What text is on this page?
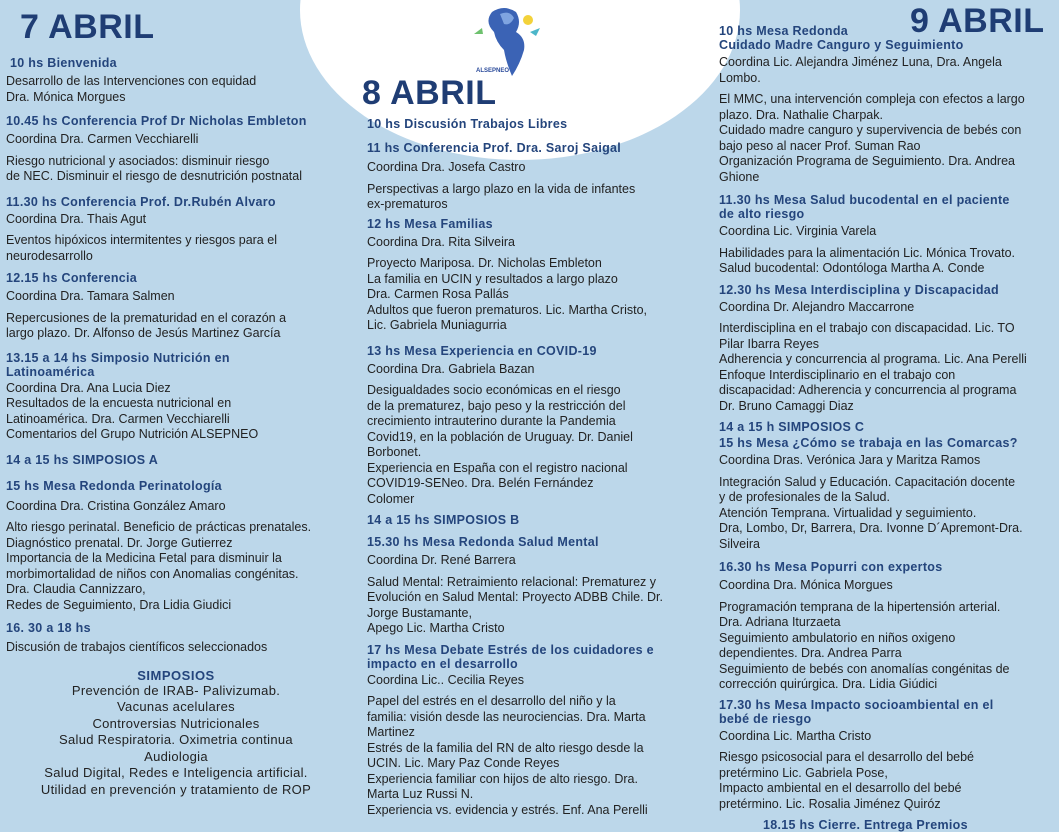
ALSEPNEO
7 ABRIL
10 hs Bienvenida
Desarrollo de las Intervenciones con equidad
Dra. Mónica Morgues
10.45 hs Conferencia Prof Dr Nicholas Embleton
Coordina Dra. Carmen Vecchiarelli
Riesgo nutricional y asociados: disminuir riesgo
de NEC. Disminuir el riesgo de desnutrición postnatal
11.30 hs Conferencia Prof. Dr.Rubén Alvaro
Coordina Dra. Thais Agut
Eventos hipóxicos intermitentes y riesgos para el
neurodesarrollo
12.15 hs Conferencia
Coordina Dra. Tamara Salmen
Repercusiones de la prematuridad en el corazón a
largo plazo. Dr. Alfonso de Jesús Martinez García
13.15 a 14 hs Simposio Nutrición en
Latinoamérica
Coordina Dra. Ana Lucia Diez
Resultados de la encuesta nutricional en
Latinoamérica. Dra. Carmen Vecchiarelli
Comentarios del Grupo Nutrición ALSEPNEO
14 a 15 hs SIMPOSIOS A
15 hs Mesa Redonda Perinatología
Coordina Dra. Cristina González Amaro
Alto riesgo perinatal. Beneficio de prácticas prenatales.
Diagnóstico prenatal. Dr. Jorge Gutierrez
Importancia de la Medicina Fetal para disminuir la
morbimortalidad de niños con Anomalias congénitas.
Dra. Claudia Cannizzaro,
Redes de Seguimiento, Dra Lidia Giudici
16. 30 a 18 hs
Discusión de trabajos científicos seleccionados
SIMPOSIOS
Prevención de IRAB- Palivizumab.
Vacunas acelulares
Controversias Nutricionales
Salud Respiratoria. Oximetria continua
Audiologia
Salud Digital, Redes e Inteligencia artificial.
Utilidad en prevención y tratamiento de ROP
8 ABRIL
10 hs Discusión Trabajos Libres
11 hs Conferencia Prof. Dra. Saroj Saigal
Coordina Dra. Josefa Castro
Perspectivas a largo plazo en la vida de infantes
ex-prematuros
12 hs Mesa Familias
Coordina Dra. Rita Silveira
Proyecto Mariposa. Dr. Nicholas Embleton
La familia en UCIN y resultados a largo plazo
Dra. Carmen Rosa Pallás
Adultos que fueron prematuros. Lic. Martha Cristo,
Lic. Gabriela Muniagurria
13 hs Mesa Experiencia en COVID-19
Coordina Dra. Gabriela Bazan
Desigualdades socio económicas en el riesgo
de la prematurez, bajo peso y la restricción del
crecimiento intrauterino durante la Pandemia
Covid19, en la población de Uruguay. Dr. Daniel
Borbonet.
Experiencia en España con el registro nacional
COVID19-SENeo. Dra. Belén Fernández
Colomer
14 a 15 hs SIMPOSIOS B
15.30 hs Mesa Redonda Salud Mental
Coordina Dr. René Barrera
Salud Mental: Retraimiento relacional: Prematurez y
Evolución en Salud Mental: Proyecto ADBB Chile. Dr.
Jorge Bustamante,
Apego Lic. Martha Cristo
17 hs Mesa Debate Estrés de los cuidadores e
impacto en el desarrollo
Coordina Lic.. Cecilia Reyes
Papel del estrés en el desarrollo del niño y la
familia: visión desde las neurociencias. Dra. Marta
Martinez
Estrés de la familia del RN de alto riesgo desde la
UCIN. Lic. Mary Paz Conde Reyes
Experiencia familiar con hijos de alto riesgo. Dra.
Marta Luz Russi N.
Experiencia vs. evidencia y estrés. Enf. Ana Perelli
9 ABRIL
10 hs Mesa Redonda
Cuidado Madre Canguro y Seguimiento
Coordina Lic. Alejandra Jiménez Luna, Dra. Angela
Lombo.
El MMC, una intervención compleja con efectos a largo
plazo. Dra. Nathalie Charpak.
Cuidado madre canguro y supervivencia de bebés con
bajo peso al nacer Prof. Suman Rao
Organización Programa de Seguimiento. Dra. Andrea
Ghione
11.30 hs Mesa Salud bucodental en el paciente
de alto riesgo
Coordina Lic. Virginia Varela
Habilidades para la alimentación Lic. Mónica Trovato.
Salud bucodental: Odontóloga Martha A. Conde
12.30 hs Mesa Interdisciplina y Discapacidad
Coordina Dr. Alejandro Maccarrone
Interdisciplina en el trabajo con discapacidad. Lic. TO
Pilar Ibarra Reyes
Adherencia y concurrencia al programa. Lic. Ana Perelli
Enfoque Interdisciplinario en el trabajo con
discapacidad: Adherencia y concurrencia al programa
Dr. Bruno Camaggi Diaz
14 a 15 h SIMPOSIOS C
15 hs Mesa ¿Cómo se trabaja en las Comarcas?
Coordina Dras. Verónica Jara y Maritza Ramos
Integración Salud y Educación. Capacitación docente
y de profesionales de la Salud.
Atención Temprana. Virtualidad y seguimiento.
Dra, Lombo, Dr, Barrera, Dra. Ivonne D´Apremont-Dra.
Silveira
16.30 hs Mesa Popurri con expertos
Coordina Dra. Mónica Morgues
Programación temprana de la hipertensión arterial.
Dra. Adriana Iturzaeta
Seguimiento ambulatorio en niños oxigeno
dependientes. Dra. Andrea Parra
Seguimiento de bebés con anomalías congénitas de
corrección quirúrgica. Dra. Lidia Giúdici
17.30 hs Mesa Impacto socioambiental en el
bebé de riesgo
Coordina Lic. Martha Cristo
Riesgo psicosocial para el desarrollo del bebé
pretérmino Lic. Gabriela Pose,
Impacto ambiental en el desarrollo del bebé
pretérmino. Lic. Rosalia Jiménez Quiróz
18.15 hs Cierre. Entrega Premios
